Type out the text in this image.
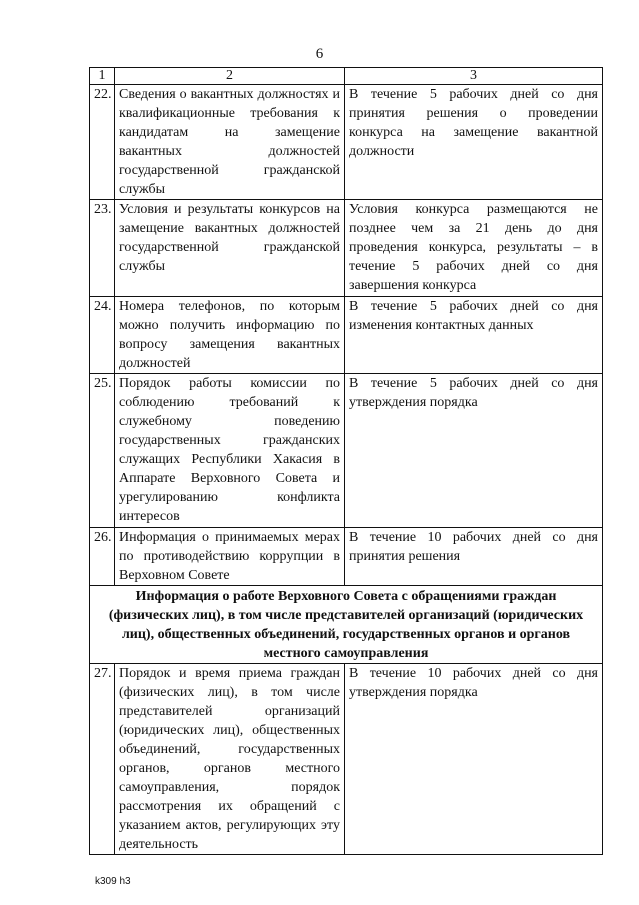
6
1	2	3
22.	Сведения о вакантных должностях и квалификационные требования к кандидатам на замещение вакантных должностей государственной гражданской службы	В течение 5 рабочих дней со дня принятия решения о проведении конкурса на замещение вакантной должности
23.	Условия и результаты конкурсов на замещение вакантных должностей государственной гражданской службы	Условия конкурса размещаются не позднее чем за 21 день до дня проведения конкурса, результаты – в течение 5 рабочих дней со дня завершения конкурса
24.	Номера телефонов, по которым можно получить информацию по вопросу замещения вакантных должностей	В течение 5 рабочих дней со дня изменения контактных данных
25.	Порядок работы комиссии по соблюдению требований к служебному поведению государственных гражданских служащих Республики Хакасия в Аппарате Верховного Совета и урегулированию конфликта интересов	В течение 5 рабочих дней со дня утверждения порядка
26.	Информация о принимаемых мерах по противодействию коррупции в Верховном Совете	В течение 10 рабочих дней со дня принятия решения
Информация о работе Верховного Совета с обращениями граждан (физических лиц), в том числе представителей организаций (юридических лиц), общественных объединений, государственных органов и органов местного самоуправления		
27.	Порядок и время приема граждан (физических лиц), в том числе представителей организаций (юридических лиц), общественных объединений, государственных органов, органов местного самоуправления, порядок рассмотрения их обращений с указанием актов, регулирующих эту деятельность	В течение 10 рабочих дней со дня утверждения порядка
k309 h3
